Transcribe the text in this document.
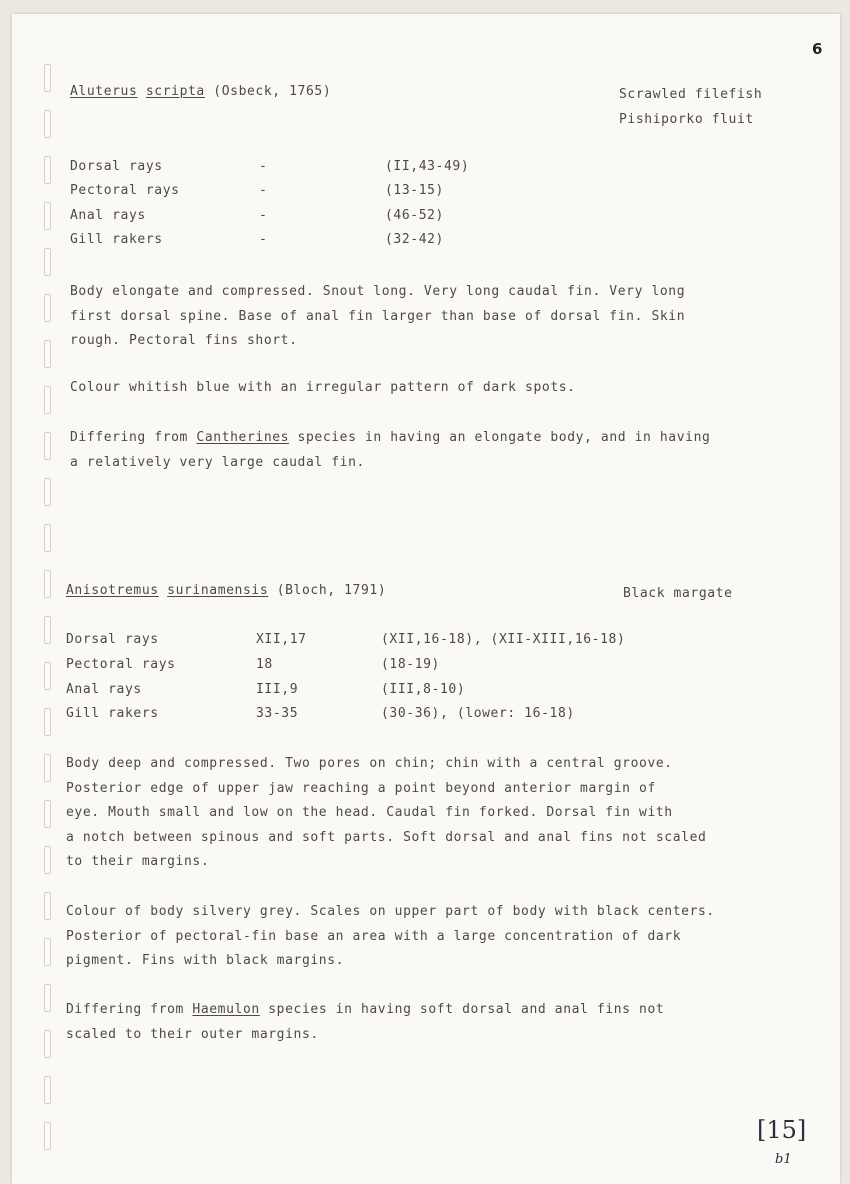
6
Aluterus scripta (Osbeck, 1765)	Scrawled filefish
Pishiporko fluit
Dorsal rays	-	(II,43-49)
Pectoral rays	-	(13-15)
Anal rays	-	(46-52)
Gill rakers	-	(32-42)
Body elongate and compressed. Snout long. Very long caudal fin. Very long
first dorsal spine. Base of anal fin larger than base of dorsal fin. Skin
rough. Pectoral fins short.
Colour whitish blue with an irregular pattern of dark spots.
Differing from Cantherines species in having an elongate body, and in having
a relatively very large caudal fin.
Anisotremus surinamensis (Bloch, 1791)	Black margate
Dorsal rays	XII,17	(XII,16-18), (XII-XIII,16-18)
Pectoral rays	18	(18-19)
Anal rays	III,9	(III,8-10)
Gill rakers	33-35	(30-36), (lower: 16-18)
Body deep and compressed. Two pores on chin; chin with a central groove.
Posterior edge of upper jaw reaching a point beyond anterior margin of
eye. Mouth small and low on the head. Caudal fin forked. Dorsal fin with
a notch between spinous and soft parts. Soft dorsal and anal fins not scaled
to their margins.
Colour of body silvery grey. Scales on upper part of body with black centers.
Posterior of pectoral-fin base an area with a large concentration of dark
pigment. Fins with black margins.
Differing from Haemulon species in having soft dorsal and anal fins not
scaled to their outer margins.
[15]
b1
